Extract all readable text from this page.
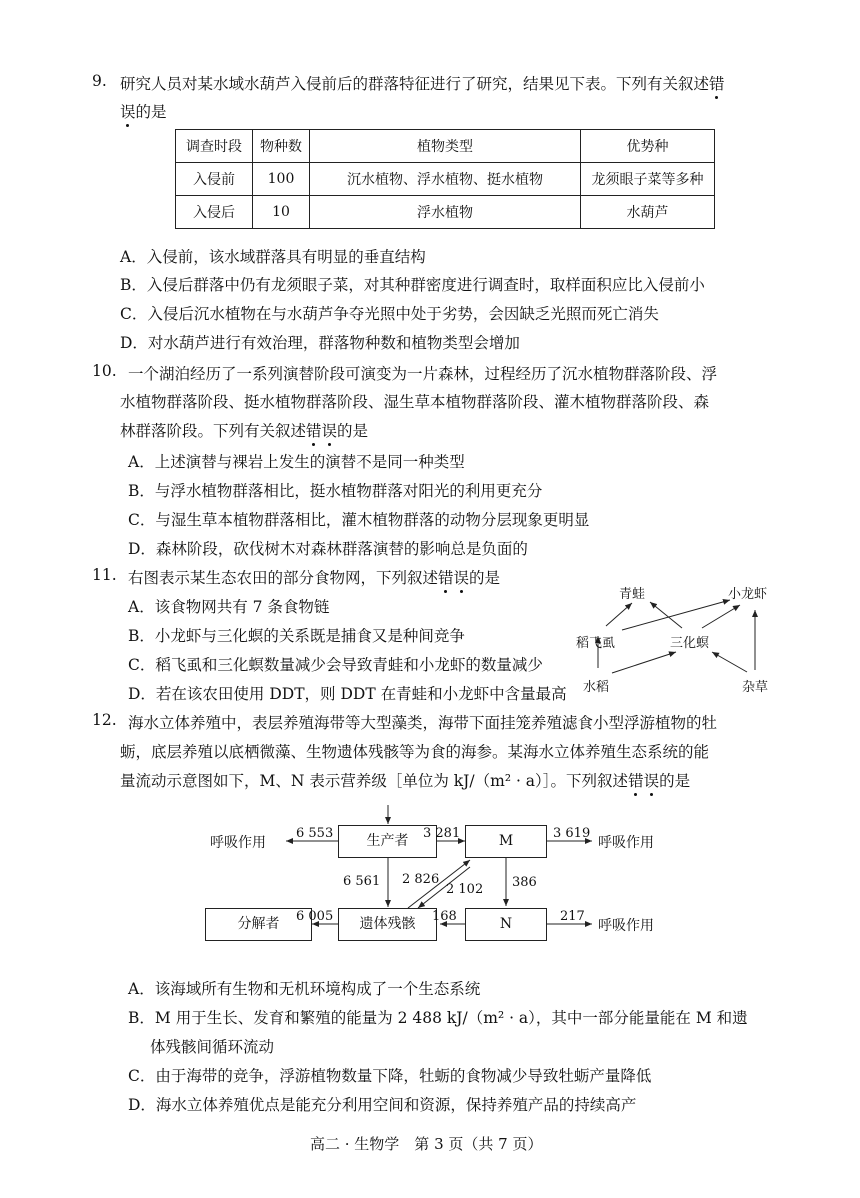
9. 研究人员对某水域水葫芦入侵前后的群落特征进行了研究，结果见下表。下列有关叙述错
误的是
调查时段	物种数	植物类型	优势种
入侵前	100	沉水植物、浮水植物、挺水植物	龙须眼子菜等多种
入侵后	10	浮水植物	水葫芦
A．入侵前，该水域群落具有明显的垂直结构
B．入侵后群落中仍有龙须眼子菜，对其种群密度进行调查时，取样面积应比入侵前小
C．入侵后沉水植物在与水葫芦争夺光照中处于劣势，会因缺乏光照而死亡消失
D．对水葫芦进行有效治理，群落物种数和植物类型会增加
10. 一个湖泊经历了一系列演替阶段可演变为一片森林，过程经历了沉水植物群落阶段、浮
水植物群落阶段、挺水植物群落阶段、湿生草本植物群落阶段、灌木植物群落阶段、森
林群落阶段。下列有关叙述错误的是
A．上述演替与裸岩上发生的演替不是同一种类型
B．与浮水植物群落相比，挺水植物群落对阳光的利用更充分
C．与湿生草本植物群落相比，灌木植物群落的动物分层现象更明显
D．森林阶段，砍伐树木对森林群落演替的影响总是负面的
11. 右图表示某生态农田的部分食物网，下列叙述错误的是
A．该食物网共有 7 条食物链
B．小龙虾与三化螟的关系既是捕食又是种间竞争
C．稻飞虱和三化螟数量减少会导致青蛙和小龙虾的数量减少
D．若在该农田使用 DDT，则 DDT 在青蛙和小龙虾中含量最高
青蛙	小龙虾
稻飞虱	三化螟
水稻	杂草
12. 海水立体养殖中，表层养殖海带等大型藻类，海带下面挂笼养殖滤食小型浮游植物的牡
蛎，底层养殖以底栖微藻、生物遗体残骸等为食的海参。某海水立体养殖生态系统的能
量流动示意图如下，M、N 表示营养级［单位为 kJ/（m² · a）］。下列叙述错误的是
生产者	M
分解者	遗体残骸	N
呼吸作用	呼吸作用
呼吸作用
6 553	3 281	3 619
6 561 2 826
2 102 386
6 005	168	217
A．该海域所有生物和无机环境构成了一个生态系统
B．M 用于生长、发育和繁殖的能量为 2 488 kJ/（m² · a），其中一部分能量能在 M 和遗
体残骸间循环流动
C．由于海带的竞争，浮游植物数量下降，牡蛎的食物减少导致牡蛎产量降低
D．海水立体养殖优点是能充分利用空间和资源，保持养殖产品的持续高产
高二 · 生物学　第 3 页（共 7 页）
